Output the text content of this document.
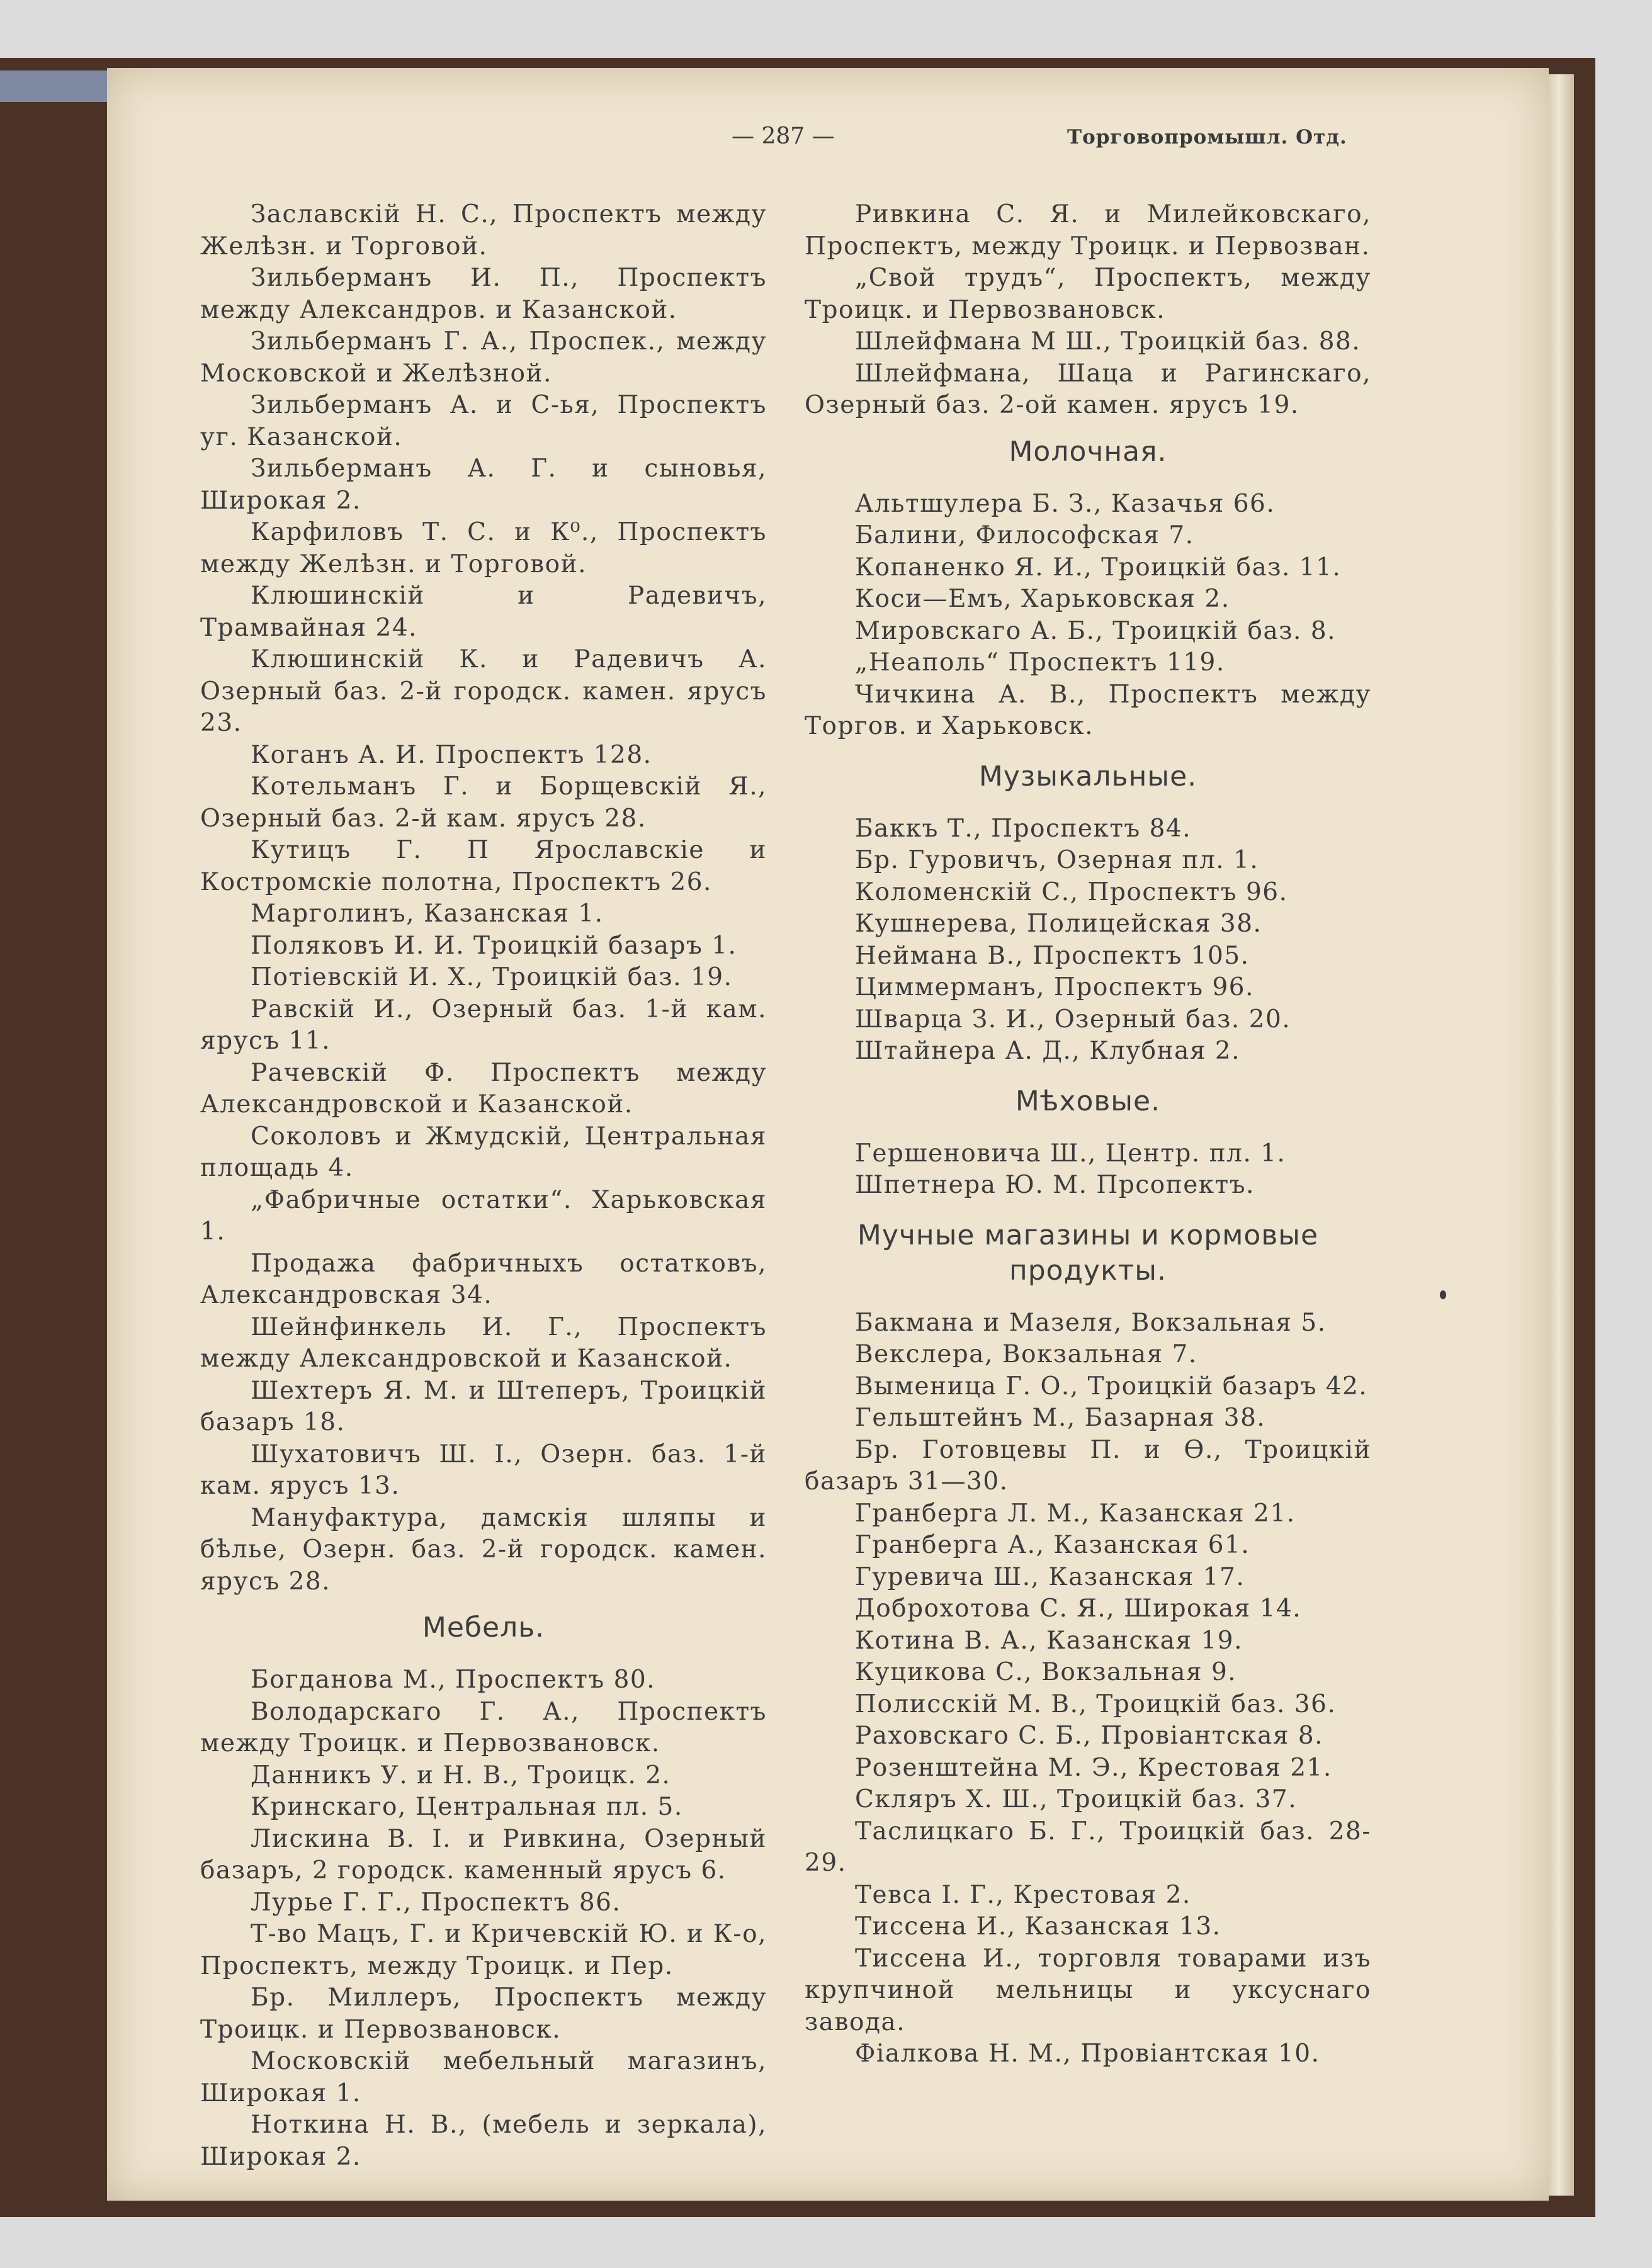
— 287 —	Торговопромышл. Отд.

Заславскій Н. С., Проспектъ между Желѣзн. и Торговой.

Зильберманъ И. П., Проспектъ между Александров. и Казанской.

Зильберманъ Г. А., Проспек., между Московской и Желѣзной.

Зильберманъ А. и С-ья, Проспектъ уг. Казанской.

Зильберманъ А. Г. и сыновья, Широкая 2.

Карфиловъ Т. С. и К⁰., Проспектъ между Желѣзн. и Торговой.

Клюшинскій и Радевичъ, Трамвайная 24.

Клюшинскій К. и Радевичъ А. Озерный баз. 2-й городск. камен. ярусъ 23.

Коганъ А. И. Проспектъ 128.

Котельманъ Г. и Борщевскій Я., Озерный баз. 2-й кам. ярусъ 28.

Кутицъ Г. П Ярославскіе и Костромскіе полотна, Проспектъ 26.

Марголинъ, Казанская 1.

Поляковъ И. И. Троицкій базаръ 1.

Потіевскій И. Х., Троицкій баз. 19.

Равскій И., Озерный баз. 1-й кам. ярусъ 11.

Рачевскій Ф. Проспектъ между Александровской и Казанской.

Соколовъ и Жмудскій, Центральная площадь 4.

„Фабричные остатки“. Харьковская 1.

Продажа фабричныхъ остатковъ, Александровская 34.

Шейнфинкель И. Г., Проспектъ между Александровской и Казанской.

Шехтеръ Я. М. и Штеперъ, Троицкій базаръ 18.

Шухатовичъ Ш. І., Озерн. баз. 1-й кам. ярусъ 13.

Мануфактура, дамскія шляпы и бѣлье, Озерн. баз. 2-й городск. камен. ярусъ 28.

Мебель.

Богданова М., Проспектъ 80.

Володарскаго Г. А., Проспектъ между Троицк. и Первозвановск.

Данникъ У. и Н. В., Троицк. 2.

Кринскаго, Центральная пл. 5.

Лискина В. І. и Ривкина, Озерный базаръ, 2 городск. каменный ярусъ 6.

Лурье Г. Г., Проспектъ 86.

Т-во Мацъ, Г. и Кричевскій Ю. и К-о, Проспектъ, между Троицк. и Пер.

Бр. Миллеръ, Проспектъ между Троицк. и Первозвановск.

Московскій мебельный магазинъ, Широкая 1.

Ноткина Н. В., (мебель и зеркала), Широкая 2.

Ривкина С. Я. и Милейковскаго, Проспектъ, между Троицк. и Первозван.

„Свой трудъ“, Проспектъ, между Троицк. и Первозвановск.

Шлейфмана М Ш., Троицкій баз. 88.

Шлейфмана, Шаца и Рагинскаго, Озерный баз. 2-ой камен. ярусъ 19.

Молочная.

Альтшулера Б. З., Казачья 66.

Балини, Философская 7.

Копаненко Я. И., Троицкій баз. 11.

Коси—Емъ, Харьковская 2.

Мировскаго А. Б., Троицкій баз. 8.

„Неаполь“ Проспектъ 119.

Чичкина А. В., Проспектъ между Торгов. и Харьковск.

Музыкальные.

Баккъ Т., Проспектъ 84.

Бр. Гуровичъ, Озерная пл. 1.

Коломенскій С., Проспектъ 96.

Кушнерева, Полицейская 38.

Неймана В., Проспектъ 105.

Циммерманъ, Проспектъ 96.

Шварца З. И., Озерный баз. 20.

Штайнера А. Д., Клубная 2.

Мѣховые.

Гершеновича Ш., Центр. пл. 1.

Шпетнера Ю. М. Прсопектъ.

Мучные магазины и кормовые продукты.

Бакмана и Мазеля, Вокзальная 5.

Векслера, Вокзальная 7.

Выменица Г. О., Троицкій базаръ 42.

Гельштейнъ М., Базарная 38.

Бр. Готовцевы П. и Ѳ., Троицкій базаръ 31—30.

Гранберга Л. М., Казанская 21.

Гранберга А., Казанская 61.

Гуревича Ш., Казанская 17.

Доброхотова С. Я., Широкая 14.

Котина В. А., Казанская 19.

Куцикова С., Вокзальная 9.

Полисскій М. В., Троицкій баз. 36.

Раховскаго С. Б., Провіантская 8.

Розенштейна М. Э., Крестовая 21.

Скляръ Х. Ш., Троицкій баз. 37.

Таслицкаго Б. Г., Троицкій баз. 28-29.

Тевса І. Г., Крестовая 2.

Тиссена И., Казанская 13.

Тиссена И., торговля товарами изъ крупчиной мельницы и уксуснаго завода.

Фіалкова Н. М., Провіантская 10.
